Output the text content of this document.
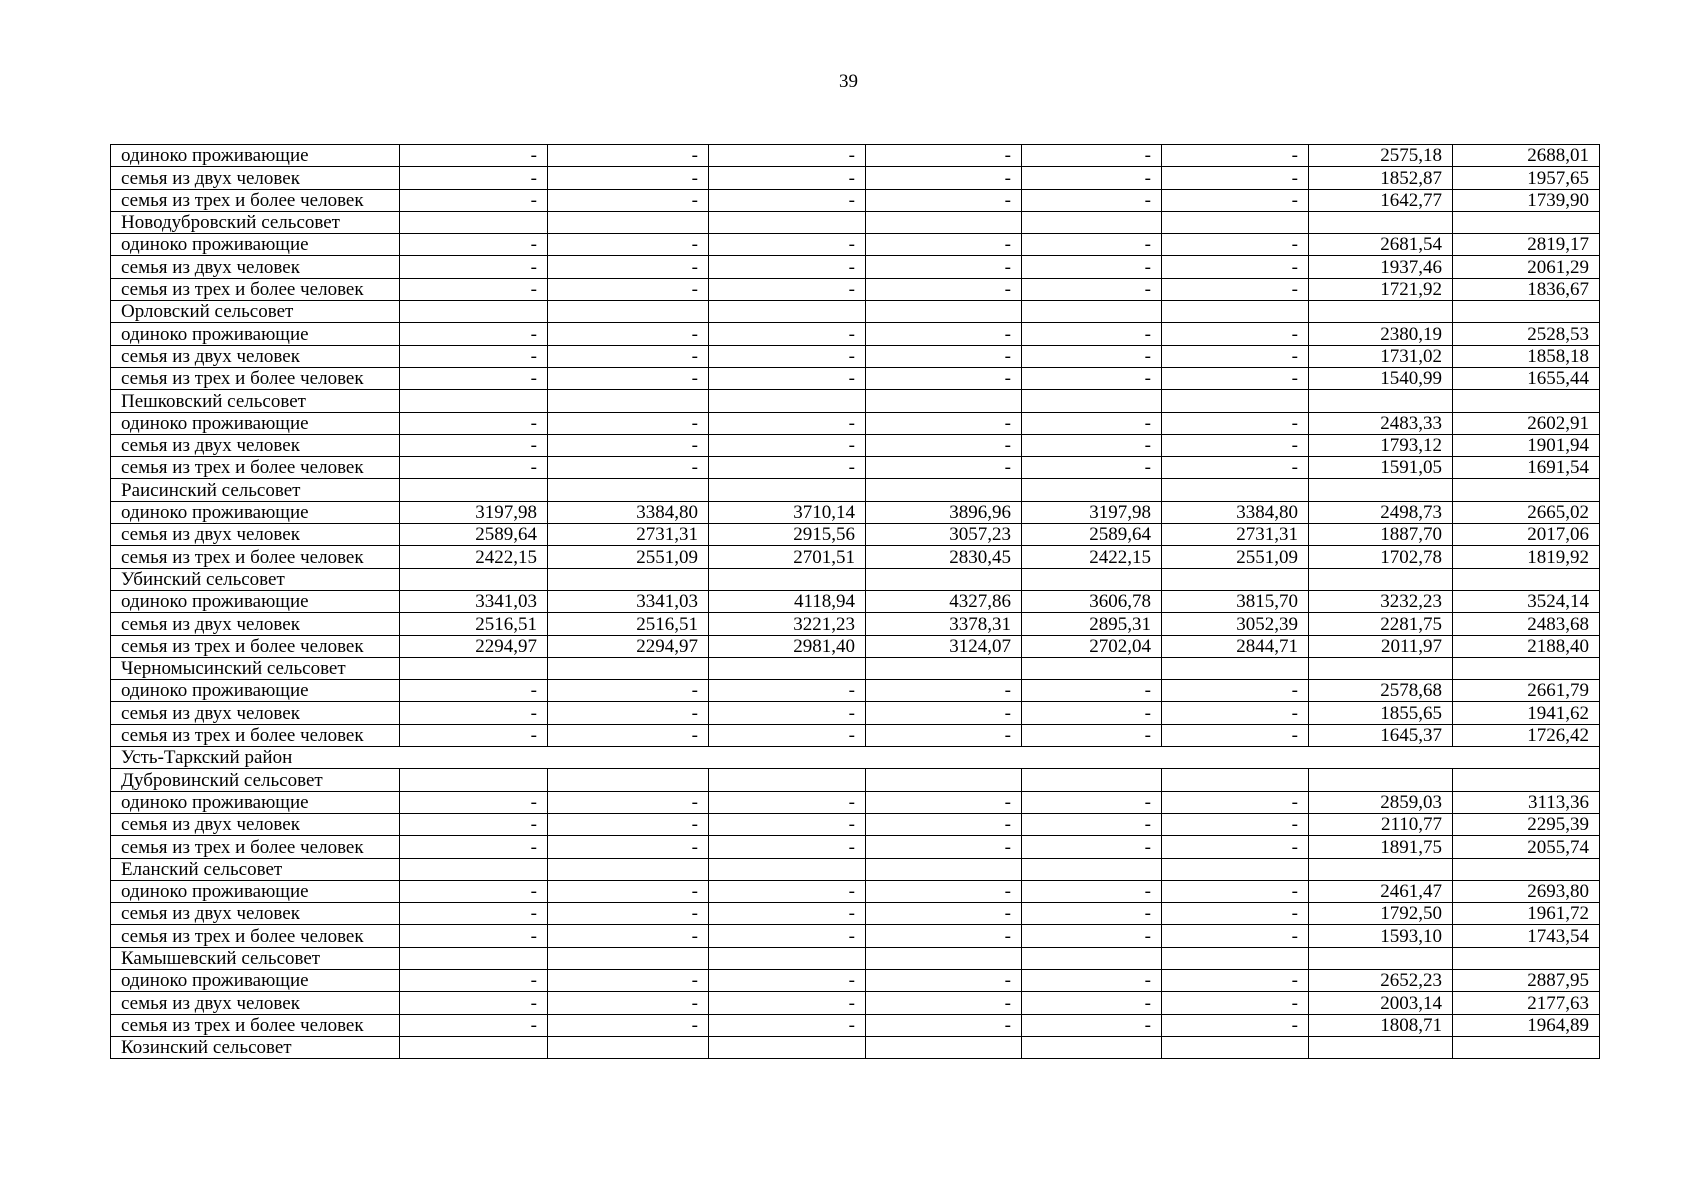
39
одиноко проживающие	-	-	-	-	-	-	2575,18	2688,01
семья из двух человек	-	-	-	-	-	-	1852,87	1957,65
семья из трех и более человек	-	-	-	-	-	-	1642,77	1739,90
Новодубровский сельсовет								
одиноко проживающие	-	-	-	-	-	-	2681,54	2819,17
семья из двух человек	-	-	-	-	-	-	1937,46	2061,29
семья из трех и более человек	-	-	-	-	-	-	1721,92	1836,67
Орловский сельсовет								
одиноко проживающие	-	-	-	-	-	-	2380,19	2528,53
семья из двух человек	-	-	-	-	-	-	1731,02	1858,18
семья из трех и более человек	-	-	-	-	-	-	1540,99	1655,44
Пешковский сельсовет								
одиноко проживающие	-	-	-	-	-	-	2483,33	2602,91
семья из двух человек	-	-	-	-	-	-	1793,12	1901,94
семья из трех и более человек	-	-	-	-	-	-	1591,05	1691,54
Раисинский сельсовет								
одиноко проживающие	3197,98	3384,80	3710,14	3896,96	3197,98	3384,80	2498,73	2665,02
семья из двух человек	2589,64	2731,31	2915,56	3057,23	2589,64	2731,31	1887,70	2017,06
семья из трех и более человек	2422,15	2551,09	2701,51	2830,45	2422,15	2551,09	1702,78	1819,92
Убинский сельсовет								
одиноко проживающие	3341,03	3341,03	4118,94	4327,86	3606,78	3815,70	3232,23	3524,14
семья из двух человек	2516,51	2516,51	3221,23	3378,31	2895,31	3052,39	2281,75	2483,68
семья из трех и более человек	2294,97	2294,97	2981,40	3124,07	2702,04	2844,71	2011,97	2188,40
Черномысинский сельсовет								
одиноко проживающие	-	-	-	-	-	-	2578,68	2661,79
семья из двух человек	-	-	-	-	-	-	1855,65	1941,62
семья из трех и более человек	-	-	-	-	-	-	1645,37	1726,42
Усть-Таркский район								
Дубровинский сельсовет								
одиноко проживающие	-	-	-	-	-	-	2859,03	3113,36
семья из двух человек	-	-	-	-	-	-	2110,77	2295,39
семья из трех и более человек	-	-	-	-	-	-	1891,75	2055,74
Еланский сельсовет								
одиноко проживающие	-	-	-	-	-	-	2461,47	2693,80
семья из двух человек	-	-	-	-	-	-	1792,50	1961,72
семья из трех и более человек	-	-	-	-	-	-	1593,10	1743,54
Камышевский сельсовет								
одиноко проживающие	-	-	-	-	-	-	2652,23	2887,95
семья из двух человек	-	-	-	-	-	-	2003,14	2177,63
семья из трех и более человек	-	-	-	-	-	-	1808,71	1964,89
Козинский сельсовет								
